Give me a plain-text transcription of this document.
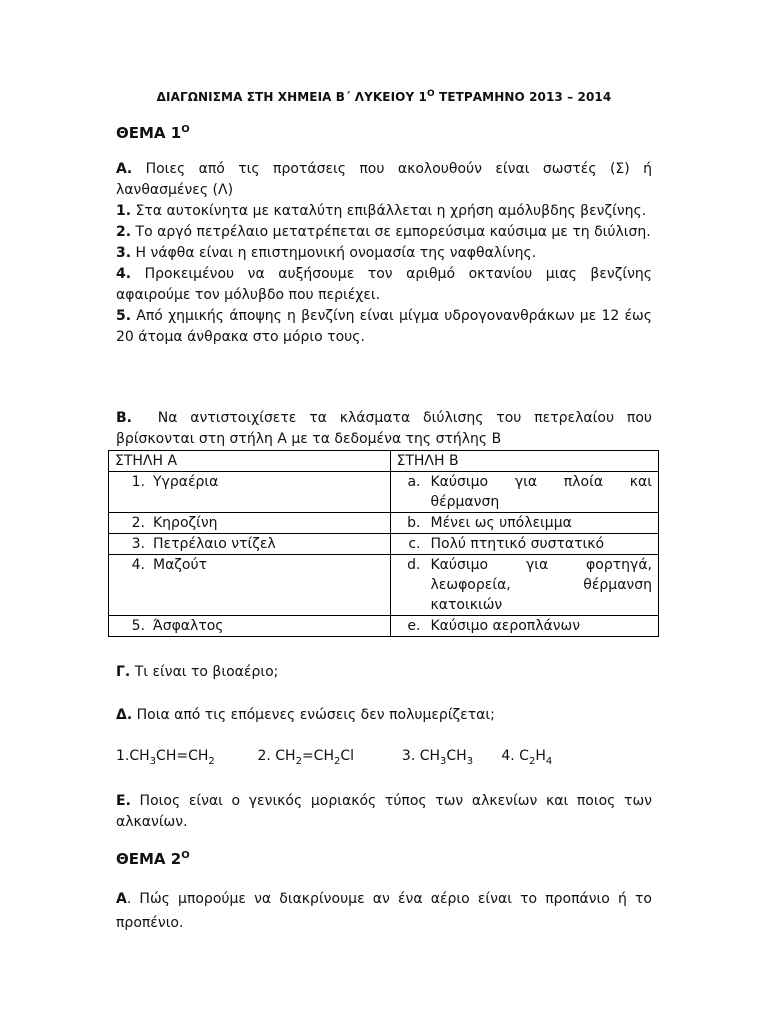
ΔΙΑΓΩΝΙΣΜΑ ΣΤΗ ΧΗΜΕΙΑ Β΄ ΛΥΚΕΙΟΥ $1^O$ ΤΕΤΡΑΜΗΝΟ 2013 – 2014
ΘΕΜΑ $1^O$
Α. Ποιες από τις προτάσεις που ακολουθούν είναι σωστές (Σ) ή λανθασμένες (Λ)
1. Στα αυτοκίνητα με καταλύτη επιβάλλεται η χρήση αμόλυβδης βενζίνης.
2. Το αργό πετρέλαιο μετατρέπεται σε εμπορεύσιμα καύσιμα με τη διύλιση.
3. Η νάφθα είναι η επιστημονική ονομασία της ναφθαλίνης.
4. Προκειμένου να αυξήσουμε τον αριθμό οκτανίου μιας βενζίνης αφαιρούμε τον μόλυβδο που περιέχει.
5. Από χημικής άποψης η βενζίνη είναι μίγμα υδρογονανθράκων με 12 έως 20 άτομα άνθρακα στο μόριο τους.
Β. Να αντιστοιχίσετε τα κλάσματα διύλισης του πετρελαίου που βρίσκονται στη στήλη Α με τα δεδομένα της στήλης Β
ΣΤΗΛΗ Α	ΣΤΗΛΗ Β
1. Υγραέρια	a. Καύσιμο για πλοία και θέρμανση

2. Κηροζίνη	b. Μένει ως υπόλειμμα

3. Πετρέλαιο ντίζελ	c. Πολύ πτητικό συστατικό

4. Μαζούτ	d. Καύσιμο για φορτηγά, λεωφορεία, θέρμανση κατοικιών

5. Άσφαλτος	e. Καύσιμο αεροπλάνων
Γ. Τι είναι το βιοαέριο;
Δ. Ποια από τις επόμενες ενώσεις δεν πολυμερίζεται;
$1.CH_3CH=CH_2$	2. $CH_2=CH_2Cl$	3. $CH_3CH_3$ 4. $C_2H_4$
Ε. Ποιος είναι ο γενικός μοριακός τύπος των αλκενίων και ποιος των αλκανίων.
ΘΕΜΑ $2^O$
Α. Πώς μπορούμε να διακρίνουμε αν ένα αέριο είναι το προπάνιο ή το προπένιο.
